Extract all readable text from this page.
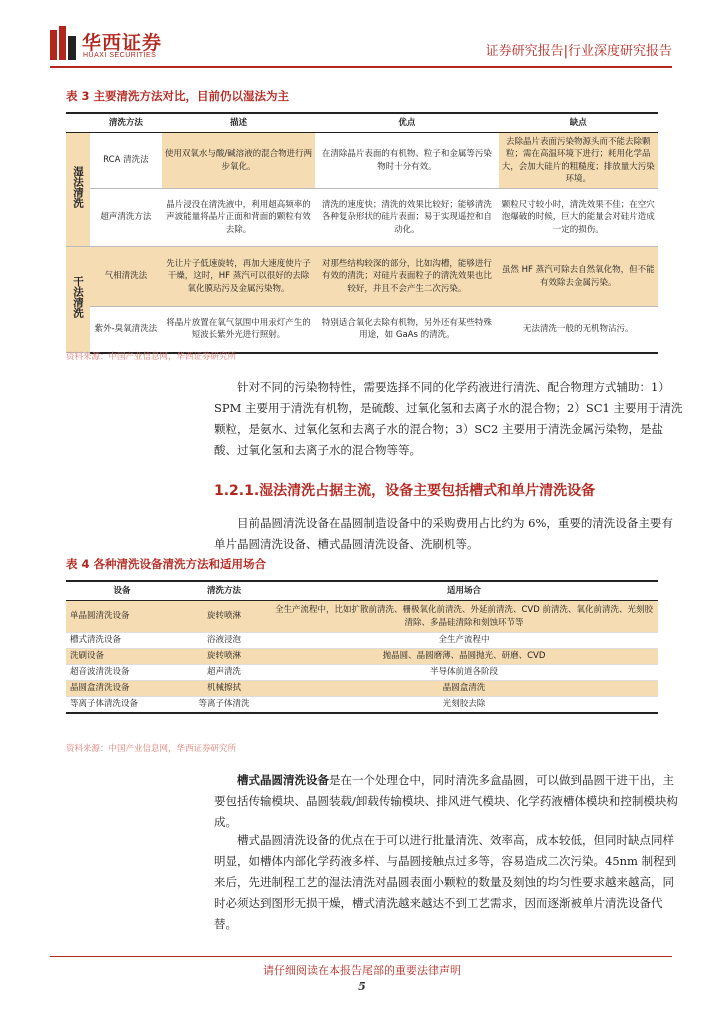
华西证券
HUAXI SECURITIES	证券研究报告|行业深度研究报告
表 3 主要清洗方法对比，目前仍以湿法为主
	清洗方法	描述	优点	缺点
湿法清洗	RCA 清洗法	使用双氧水与酸/碱溶液的混合物进行两步氧化。	在清除晶片表面的有机物、粒子和金属等污染物时十分有效。	去除晶片表面污染物源头而不能去除颗粒；需在高温环境下进行；耗用化学品大，会加大硅片的粗糙度；排放量大污染环境。
	超声清洗方法	晶片浸没在清洗液中，利用超高频率的声波能量将晶片正面和背面的颗粒有效去除。	清洗的速度快；清洗的效果比较好；能够清洗各种复杂形状的硅片表面；易于实现遥控和自动化。	颗粒尺寸较小时，清洗效果不佳；在空穴泡爆破的时候，巨大的能量会对硅片造成一定的损伤。
干法清洗	气相清洗法	先让片子低速旋转，再加大速度使片子干燥，这时，HF 蒸汽可以很好的去除氧化膜玷污及金属污染物。	对那些结构较深的部分，比如沟槽，能够进行有效的清洗；对硅片表面粒子的清洗效果也比较好，并且不会产生二次污染。	虽然 HF 蒸汽可除去自然氧化物，但不能有效除去金属污染。
	紫外-臭氧清洗法	将晶片放置在氧气氛围中用汞灯产生的短波长紫外光进行照射。	特别适合氧化去除有机物，另外还有某些特殊用途，如 GaAs 的清洗。	无法清洗一般的无机物沾污。
资料来源：中国产业信息网，华西证券研究所
针对不同的污染物特性，需要选择不同的化学药液进行清洗、配合物理方式辅助：1）SPM 主要用于清洗有机物，是硫酸、过氧化氢和去离子水的混合物；2）SC1 主要用于清洗颗粒，是氨水、过氧化氢和去离子水的混合物；3）SC2 主要用于清洗金属污染物，是盐酸、过氧化氢和去离子水的混合物等等。
1.2.1.湿法清洗占据主流，设备主要包括槽式和单片清洗设备
目前晶圆清洗设备在晶圆制造设备中的采购费用占比约为 6%，重要的清洗设备主要有单片晶圆清洗设备、槽式晶圆清洗设备、洗刷机等。
表 4 各种清洗设备清洗方法和适用场合
设备	清洗方法	适用场合
单晶圆清洗设备	旋转喷淋	全生产流程中，比如扩散前清洗、栅极氧化前清洗、外延前清洗、CVD 前清洗、氧化前清洗、光刻胶清除、多晶硅清除和刻蚀环节等
槽式清洗设备	浴液浸泡	全生产流程中
洗刷设备	旋转喷淋	抛晶圆、晶圆磨薄、晶圆抛光、研磨、CVD
超音波清洗设备	超声清洗	半导体前道各阶段
晶圆盒清洗设备	机械擦拭	晶圆盒清洗
等离子体清洗设备	等离子体清洗	光刻胶去除
资料来源：中国产业信息网，华西证券研究所
槽式晶圆清洗设备是在一个处理仓中，同时清洗多盒晶圆，可以做到晶圆干进干出，主要包括传输模块、晶圆装载/卸载传输模块、排风进气模块、化学药液槽体模块和控制模块构成。
槽式晶圆清洗设备的优点在于可以进行批量清洗、效率高，成本较低，但同时缺点同样明显，如槽体内部化学药液多样、与晶圆接触点过多等，容易造成二次污染。45nm 制程到来后，先进制程工艺的湿法清洗对晶圆表面小颗粒的数量及刻蚀的均匀性要求越来越高，同时必须达到图形无损干燥，槽式清洗越来越达不到工艺需求，因而逐渐被单片清洗设备代替。
请仔细阅读在本报告尾部的重要法律声明
5
